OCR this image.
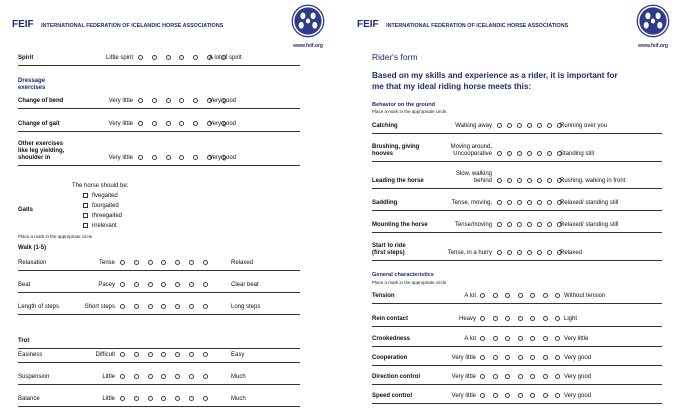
FEIF INTERNATIONAL FEDERATION OF ICELANDIC HORSE ASSOCIATIONS
www.feif.org
Spirit	Little spirit	A lot of spirit
Dressage
exercises
Change of bend	Very little	Very good
Change of gait	Very little	Very good
Other exercises
like leg yielding,
shoulder in	Very little	Very good
The horse should be:
Gaits
fivegaited
fourgaited
threegaited
irrelevant
Place a mark in the appropriate circle
Walk (1-5)
Relaxation	Tense	Relaxed
Beat	Pacey	Clear beat
Length of steps	Short steps	Long steps
Trot
Easiness	Difficult	Easy
Suspension	Little	Much
Balance	Little	Much
FEIF INTERNATIONAL FEDERATION OF ICELANDIC HORSE ASSOCIATIONS
www.feif.org
Rider's form
Based on my skills and experience as a rider, it is important for
me that my ideal riding horse meets this:
Behavior on the ground
Place a mark in the appropriate circle.
Catching	Walking away	Running over you
Brushing, giving	Moving around,
hooves	Uncooperative	Standing still
Slow, walking
Leading the horse	behind	Rushing, walking in front
Saddling	Tense, moving,	Relaxed/ standing still
Mounting the horse	Tense/moving	Relaxed/ standing still
Start to ride
(first steps)	Tense, in a hurry	Relaxed
General characteristics
Place a mark in the appropriate circle
Tension	A lot	Without tension
Rein contact	Heavy	Light
Crookedness	A lot	Very little
Cooperation	Very little	Very good
Direction control	Very little	Very good
Speed control	Very little	Very good
